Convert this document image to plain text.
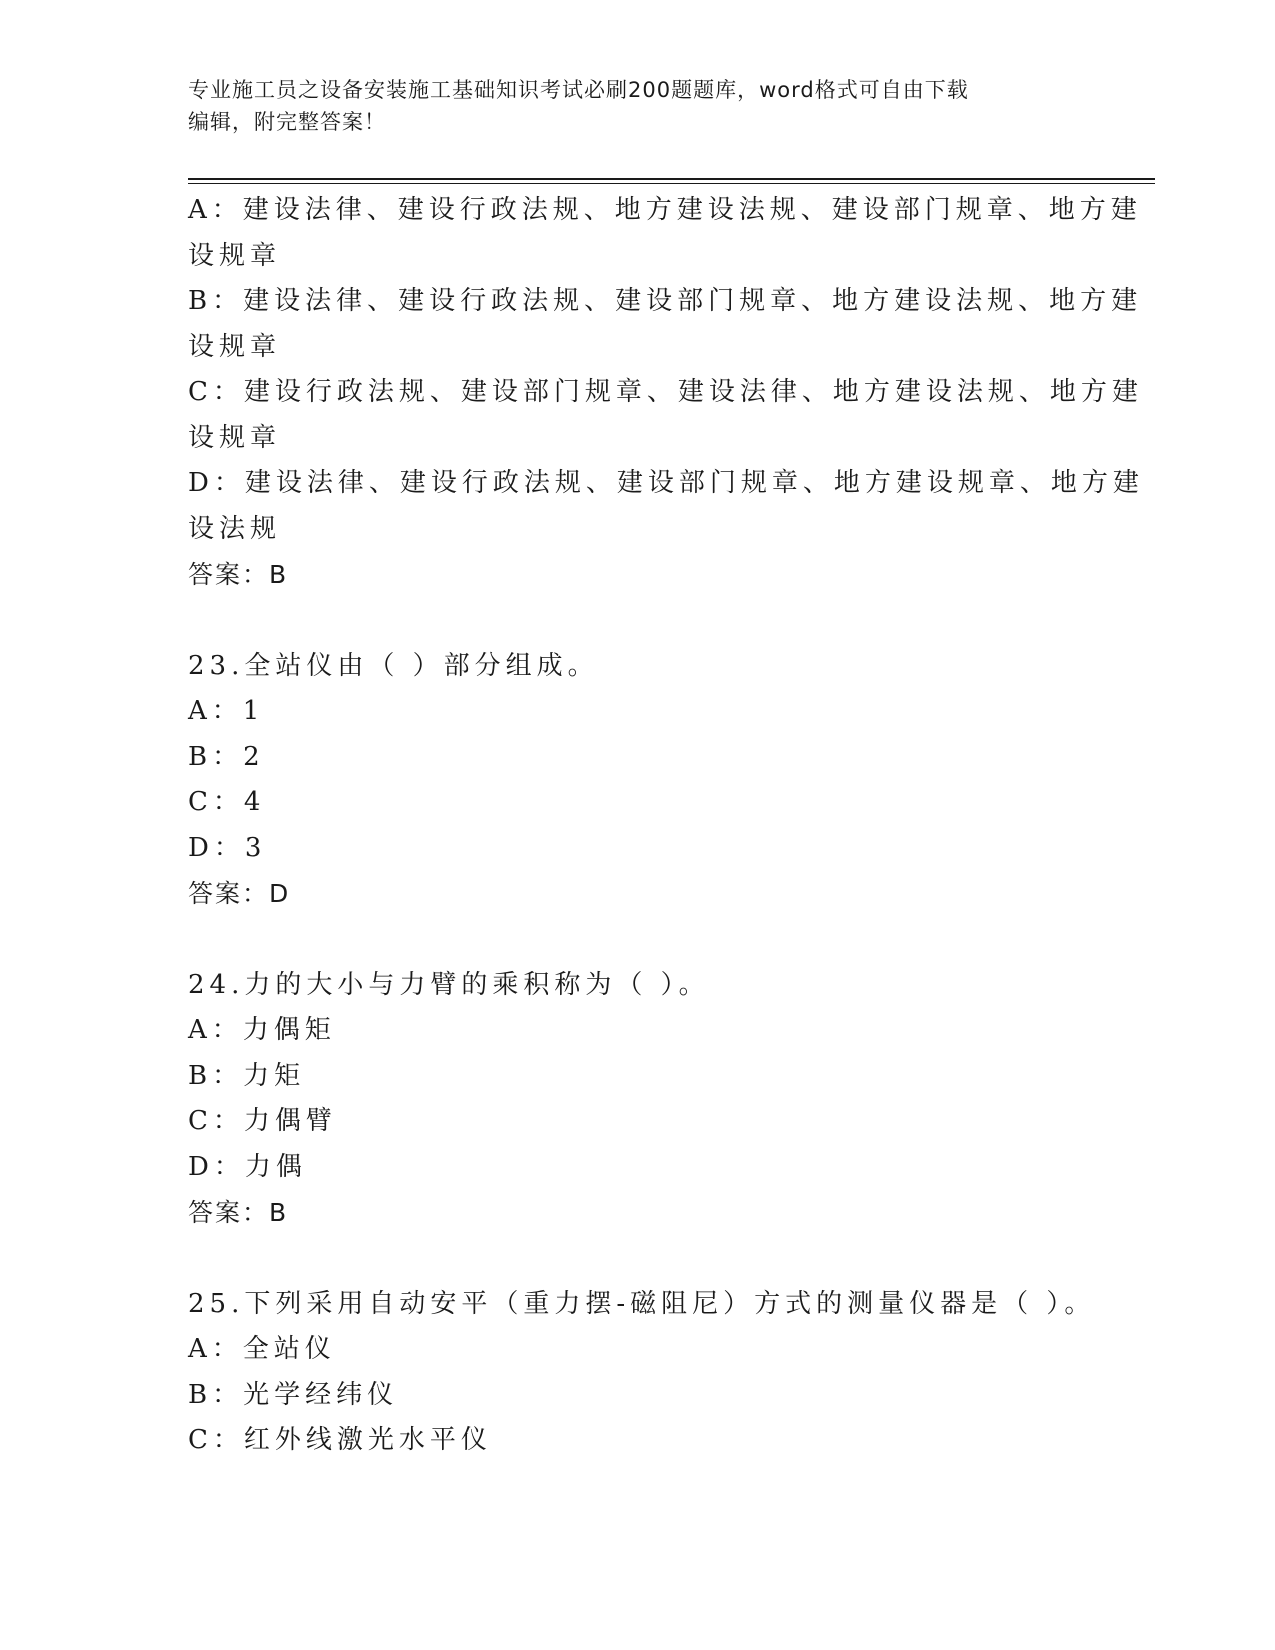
专业施工员之设备安装施工基础知识考试必刷200题题库，word格式可自由下载
编辑，附完整答案！

A：建设法律、建设行政法规、地方建设法规、建设部门规章、地方建

设规章

B：建设法律、建设行政法规、建设部门规章、地方建设法规、地方建

设规章

C：建设行政法规、建设部门规章、建设法律、地方建设法规、地方建

设规章

D：建设法律、建设行政法规、建设部门规章、地方建设规章、地方建

设法规

答案：B

23.全站仪由（ ）部分组成。

A：1

B：2

C：4

D：3

答案：D

24.力的大小与力臂的乘积称为（ ）。

A：力偶矩

B：力矩

C：力偶臂

D：力偶

答案：B

25.下列采用自动安平（重力摆-磁阻尼）方式的测量仪器是（ ）。

A：全站仪

B：光学经纬仪

C：红外线激光水平仪
